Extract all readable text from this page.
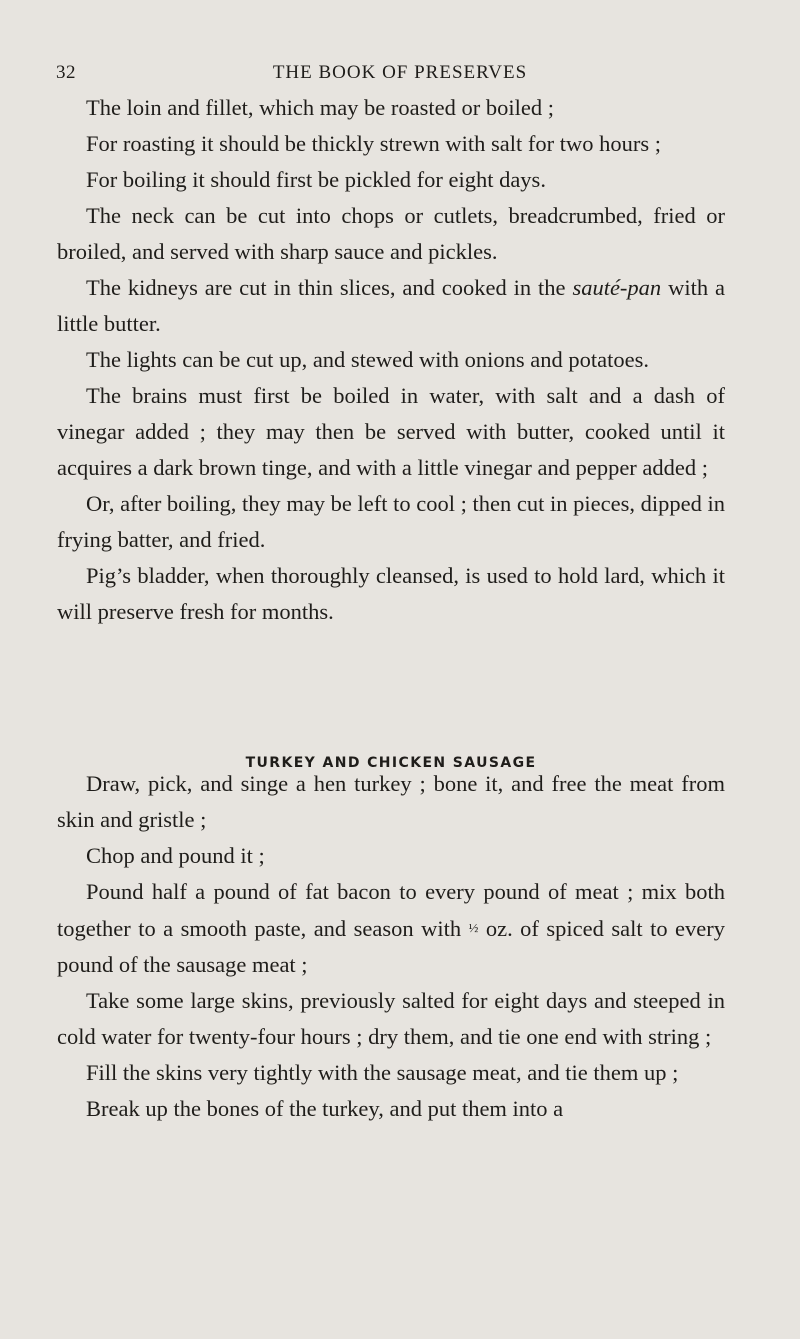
32	THE BOOK OF PRESERVES

The loin and fillet, which may be roasted or boiled ;

For roasting it should be thickly strewn with salt for two hours ;

For boiling it should first be pickled for eight days.

The neck can be cut into chops or cutlets, breadcrumbed, fried or broiled, and served with sharp sauce and pickles.

The kidneys are cut in thin slices, and cooked in the sauté-pan with a little butter.

The lights can be cut up, and stewed with onions and potatoes.

The brains must first be boiled in water, with salt and a dash of vinegar added ; they may then be served with butter, cooked until it acquires a dark brown tinge, and with a little vinegar and pepper added ;

Or, after boiling, they may be left to cool ; then cut in pieces, dipped in frying batter, and fried.

Pig’s bladder, when thoroughly cleansed, is used to hold lard, which it will preserve fresh for months.

TURKEY AND CHICKEN SAUSAGE

Draw, pick, and singe a hen turkey ; bone it, and free the meat from skin and gristle ;

Chop and pound it ;

Pound half a pound of fat bacon to every pound of meat ; mix both together to a smooth paste, and season with ½ oz. of spiced salt to every pound of the sausage meat ;

Take some large skins, previously salted for eight days and steeped in cold water for twenty-four hours ; dry them, and tie one end with string ;

Fill the skins very tightly with the sausage meat, and tie them up ;

Break up the bones of the turkey, and put them into a
